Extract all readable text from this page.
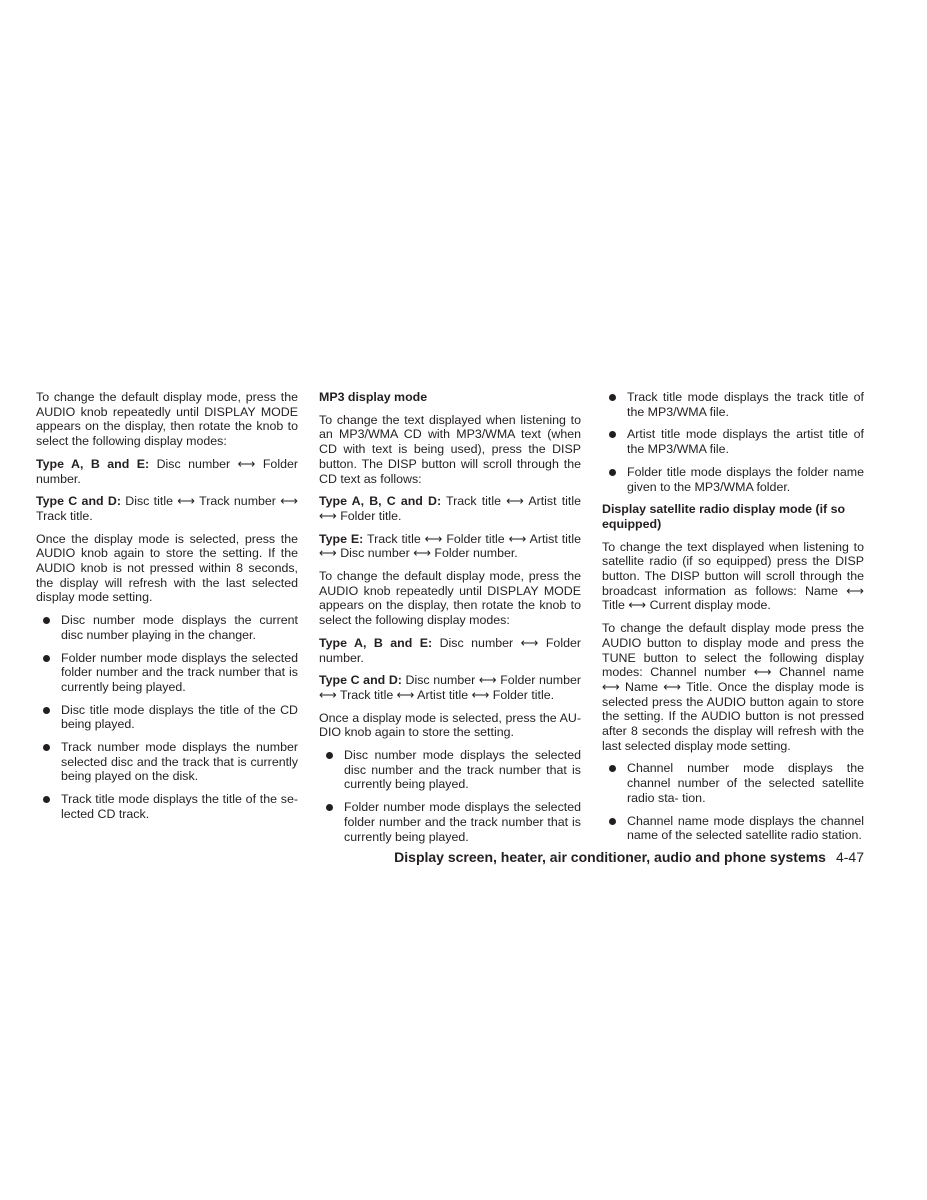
To change the default display mode, press the AUDIO knob repeatedly until DISPLAY MODE appears on the display, then rotate the knob to select the following display modes:

Type A, B and E: Disc number ⟷ Folder number.

Type C and D: Disc title ⟷ Track number ⟷ Track title.

Once the display mode is selected, press the AUDIO knob again to store the setting. If the AUDIO knob is not pressed within 8 seconds, the display will refresh with the last selected display mode setting.

Disc number mode displays the current disc number playing in the changer.
Folder number mode displays the selected folder number and the track number that is currently being played.
Disc title mode displays the title of the CD being played.
Track number mode displays the number selected disc and the track that is currently being played on the disk.
Track title mode displays the title of the se- lected CD track.
MP3 display mode

To change the text displayed when listening to an MP3/WMA CD with MP3/WMA text (when CD with text is being used), press the DISP button. The DISP button will scroll through the CD text as follows:

Type A, B, C and D: Track title ⟷ Artist title ⟷ Folder title.

Type E: Track title ⟷ Folder title ⟷ Artist title ⟷ Disc number ⟷ Folder number.

To change the default display mode, press the AUDIO knob repeatedly until DISPLAY MODE appears on the display, then rotate the knob to select the following display modes:

Type A, B and E: Disc number ⟷ Folder number.

Type C and D: Disc number ⟷ Folder number ⟷ Track title ⟷ Artist title ⟷ Folder title.

Once a display mode is selected, press the AU- DIO knob again to store the setting.

Disc number mode displays the selected disc number and the track number that is currently being played.
Folder number mode displays the selected folder number and the track number that is currently being played.
Track title mode displays the track title of the MP3/WMA file.
Artist title mode displays the artist title of the MP3/WMA file.
Folder title mode displays the folder name given to the MP3/WMA folder.
Display satellite radio display mode (if so equipped)

To change the text displayed when listening to satellite radio (if so equipped) press the DISP button. The DISP button will scroll through the broadcast information as follows: Name ⟷ Title ⟷ Current display mode.

To change the default display mode press the AUDIO button to display mode and press the TUNE button to select the following display modes: Channel number ⟷ Channel name ⟷ Name ⟷ Title. Once the display mode is selected press the AUDIO button again to store the setting. If the AUDIO button is not pressed after 8 seconds the display will refresh with the last selected display mode setting.

Channel number mode displays the channel number of the selected satellite radio sta- tion.
Channel name mode displays the channel name of the selected satellite radio station.
Display screen, heater, air conditioner, audio and phone systems 4-47
